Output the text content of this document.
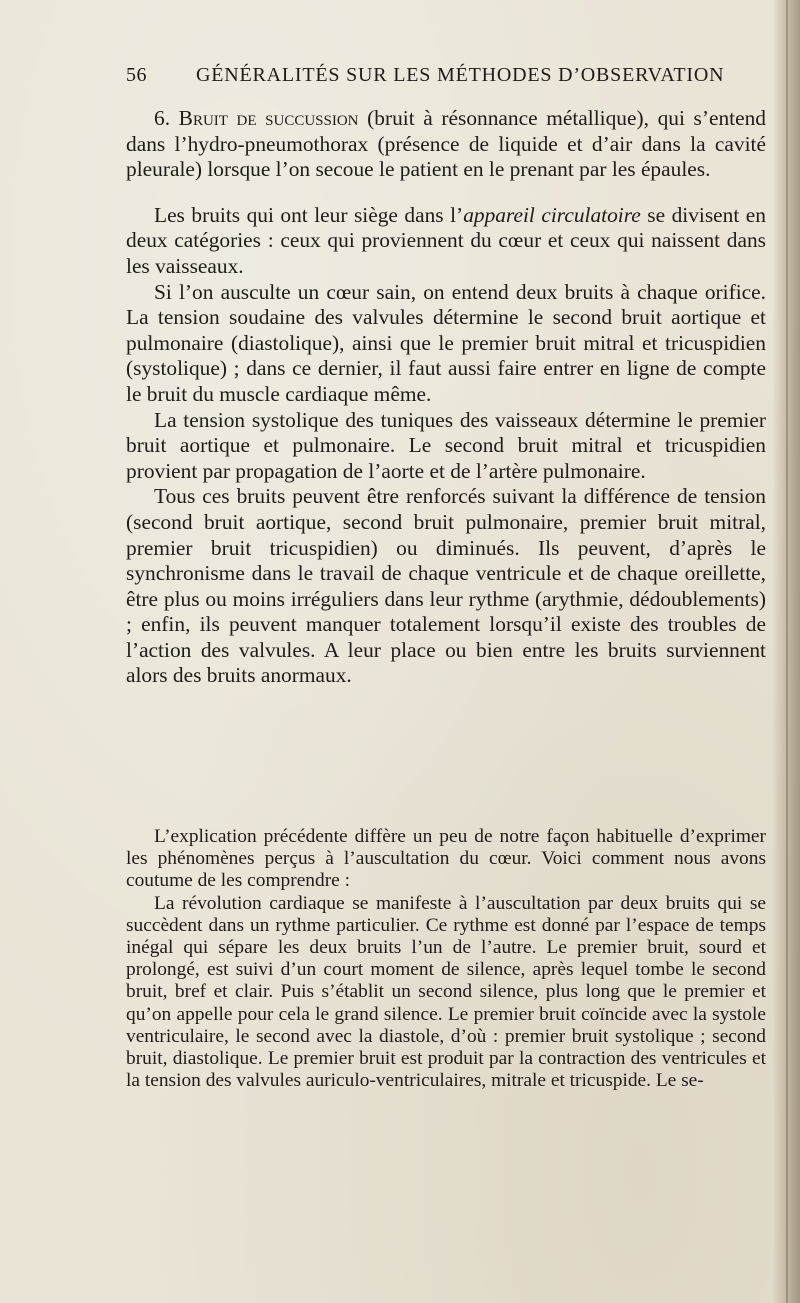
56 GÉNÉRALITÉS SUR LES MÉTHODES D’OBSERVATION

6. Bruit de succussion (bruit à résonnance métallique), qui s’entend dans l’hydro-pneumothorax (présence de liquide et d’air dans la cavité pleurale) lorsque l’on secoue le patient en le prenant par les épaules.

Les bruits qui ont leur siège dans l’appareil circulatoire se divisent en deux catégories : ceux qui proviennent du cœur et ceux qui naissent dans les vaisseaux.

Si l’on ausculte un cœur sain, on entend deux bruits à chaque orifice. La tension soudaine des valvules détermine le second bruit aortique et pulmonaire (diastolique), ainsi que le premier bruit mitral et tricuspidien (systolique) ; dans ce dernier, il faut aussi faire entrer en ligne de compte le bruit du muscle cardiaque même.

La tension systolique des tuniques des vaisseaux détermine le premier bruit aortique et pulmonaire. Le second bruit mitral et tricuspidien provient par propagation de l’aorte et de l’artère pulmonaire.

Tous ces bruits peuvent être renforcés suivant la différence de tension (second bruit aortique, second bruit pulmonaire, premier bruit mitral, premier bruit tricuspidien) ou diminués. Ils peuvent, d’après le synchronisme dans le travail de chaque ventricule et de chaque oreillette, être plus ou moins irréguliers dans leur rythme (arythmie, dédoublements) ; enfin, ils peuvent manquer totalement lorsqu’il existe des troubles de l’action des valvules. A leur place ou bien entre les bruits surviennent alors des bruits anormaux.

L’explication précédente diffère un peu de notre façon habituelle d’exprimer les phénomènes perçus à l’auscultation du cœur. Voici comment nous avons coutume de les comprendre :

La révolution cardiaque se manifeste à l’auscultation par deux bruits qui se succèdent dans un rythme particulier. Ce rythme est donné par l’espace de temps inégal qui sépare les deux bruits l’un de l’autre. Le premier bruit, sourd et prolongé, est suivi d’un court moment de silence, après lequel tombe le second bruit, bref et clair. Puis s’établit un second silence, plus long que le premier et qu’on appelle pour cela le grand silence. Le premier bruit coïncide avec la systole ventriculaire, le second avec la diastole, d’où : premier bruit systolique ; second bruit, diastolique. Le premier bruit est produit par la contraction des ventricules et la tension des valvules auriculo-ventriculaires, mitrale et tricuspide. Le se-
